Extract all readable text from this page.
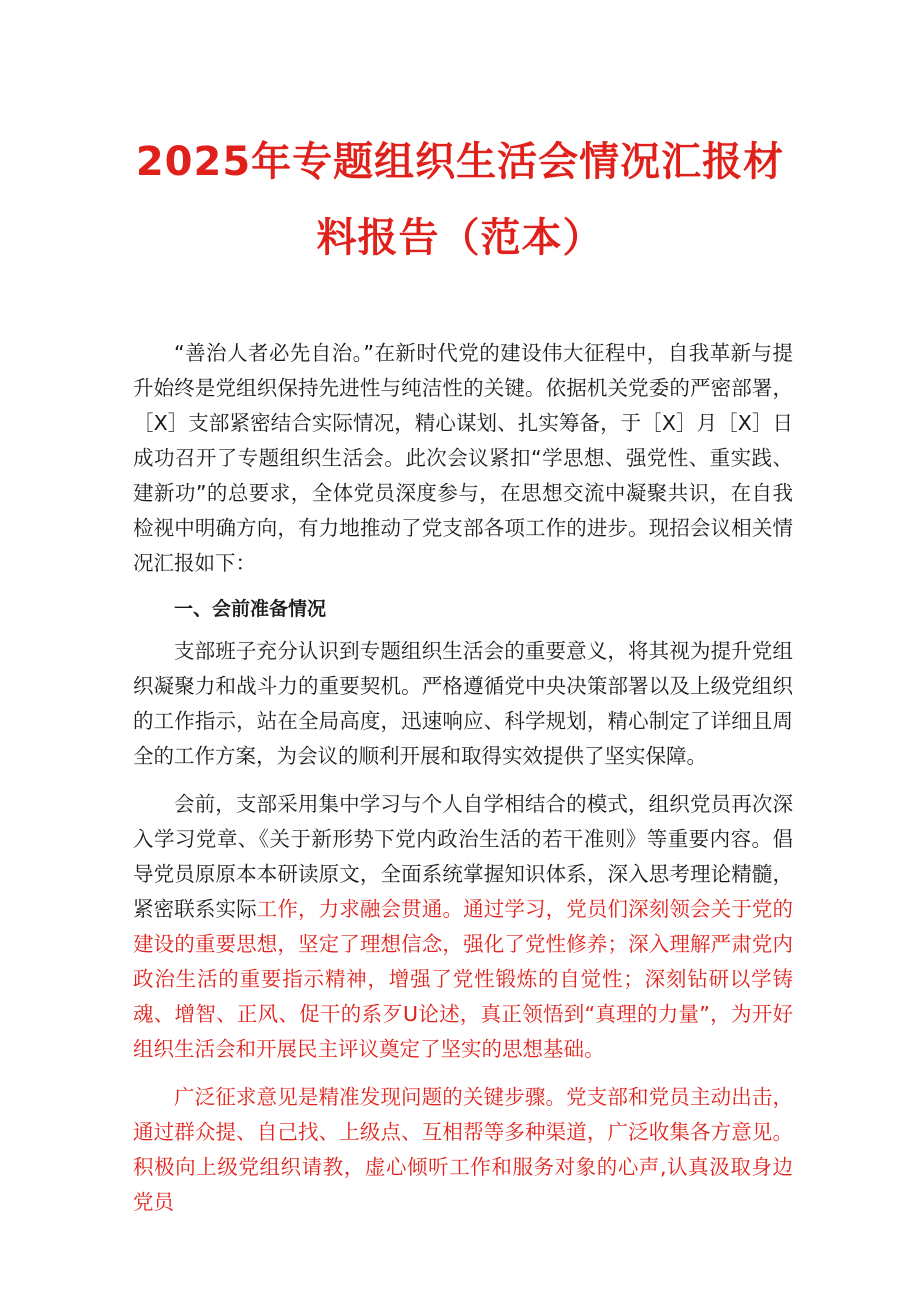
2025年专题组织生活会情况汇报材
料报告（范本）

“善治人者必先自治。”在新时代党的建设伟大征程中，自我革新与提升始终是党组织保持先进性与纯洁性的关键。依据机关党委的严密部署，［X］支部紧密结合实际情况，精心谋划、扎实筹备，于［X］月［X］日成功召开了专题组织生活会。此次会议紧扣“学思想、强党性、重实践、建新功”的总要求，全体党员深度参与，在思想交流中凝聚共识，在自我检视中明确方向，有力地推动了党支部各项工作的进步。现招会议相关情况汇报如下：

一、会前准备情况

支部班子充分认识到专题组织生活会的重要意义，将其视为提升党组织凝聚力和战斗力的重要契机。严格遵循党中央决策部署以及上级党组织的工作指示，站在全局高度，迅速响应、科学规划，精心制定了详细且周全的工作方案，为会议的顺利开展和取得实效提供了坚实保障。

会前，支部采用集中学习与个人自学相结合的模式，组织党员再次深入学习党章、《关于新形势下党内政治生活的若干准则》等重要内容。倡导党员原原本本研读原文，全面系统掌握知识体系，深入思考理论精髓，紧密联系实际工作，力求融会贯通。通过学习，党员们深刻领会关于党的建设的重要思想，坚定了理想信念，强化了党性修养；深入理解严肃党内政治生活的重要指示精神，增强了党性锻炼的自觉性；深刻钻研以学铸魂、增智、正风、促干的系歹U论述，真正领悟到“真理的力量”，为开好组织生活会和开展民主评议奠定了坚实的思想基础。

广泛征求意见是精准发现问题的关键步骤。党支部和党员主动出击，通过群众提、自己找、上级点、互相帮等多种渠道，广泛收集各方意见。积极向上级党组织请教，虚心倾听工作和服务对象的心声,认真汲取身边党员
